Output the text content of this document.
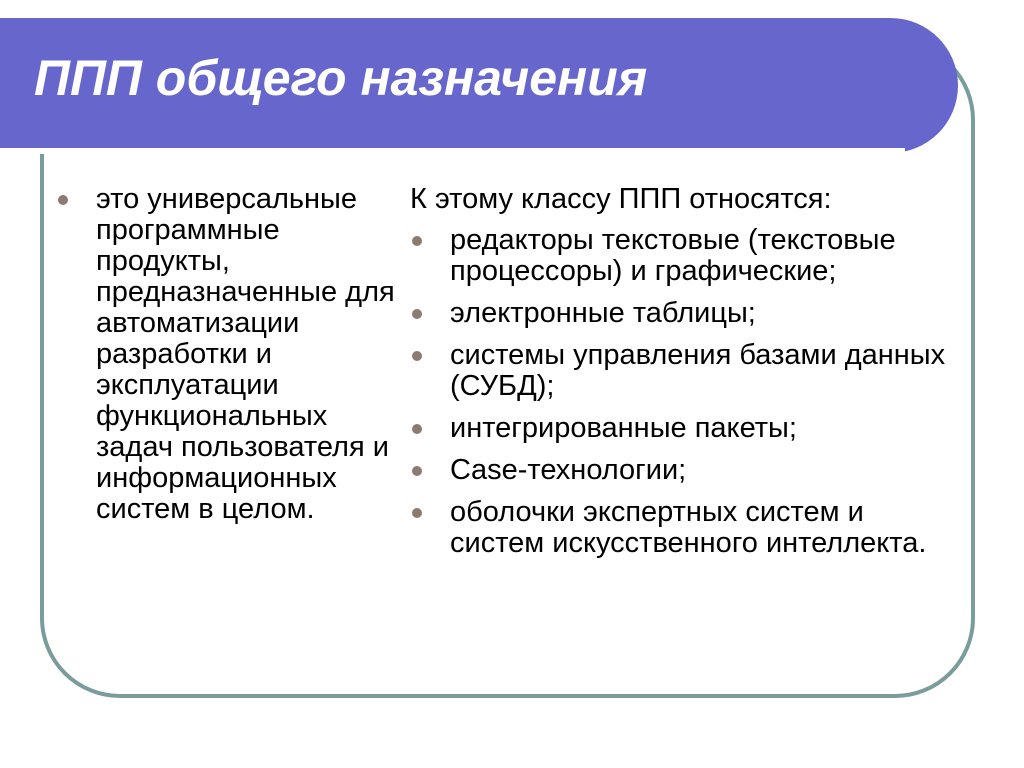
ППП общего назначения
это универсальные программные продукты, предназначенные для автоматизации разработки и эксплуатации функциональных задач пользователя и информационных систем в целом.

К этому классу ППП относятся:

редакторы текстовые (текстовые процессоры) и графические;
электронные таблицы;
системы управления базами данных (СУБД);
интегрированные пакеты;
Case-технологии;
оболочки экспертных систем и систем искусственного интеллекта.
